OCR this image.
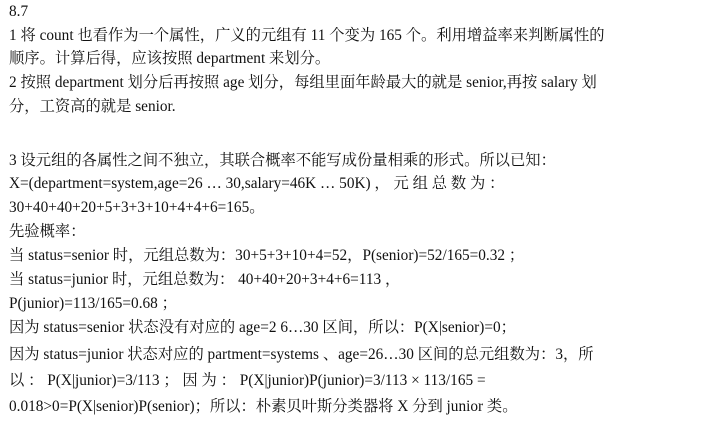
8.7
1 将 count 也看作为一个属性，广义的元组有 11 个变为 165 个。利用增益率来判断属性的
顺序。计算后得，应该按照 department 来划分。
2 按照 department 划分后再按照 age 划分，每组里面年龄最大的就是 senior,再按 salary 划
分，工资高的就是 senior.
3 设元组的各属性之间不独立，其联合概率不能写成份量相乘的形式。所以已知：
X=(department=system,age=26 … 30,salary=46K … 50K) ， 元 组 总 数 为 ：
30+40+40+20+5+3+3+10+4+4+6=165。
先验概率：
当 status=senior 时，元组总数为：30+5+3+10+4=52，P(senior)=52/165=0.32 ；
当 status=junior 时，元组总数为： 40+40+20+3+4+6=113 ，
P(junior)=113/165=0.68 ；
因为 status=senior 状态没有对应的 age=2 6…30 区间，所以：P(X|senior)=0；
因为 status=junior 状态对应的 partment=systems 、age=26…30 区间的总元组数为：3，所
以 ： P(X|junior)=3/113 ； 因 为 ： P(X|junior)P(junior)=3/113 × 113/165 =
0.018>0=P(X|senior)P(senior)；所以：朴素贝叶斯分类器将 X 分到 junior 类。
